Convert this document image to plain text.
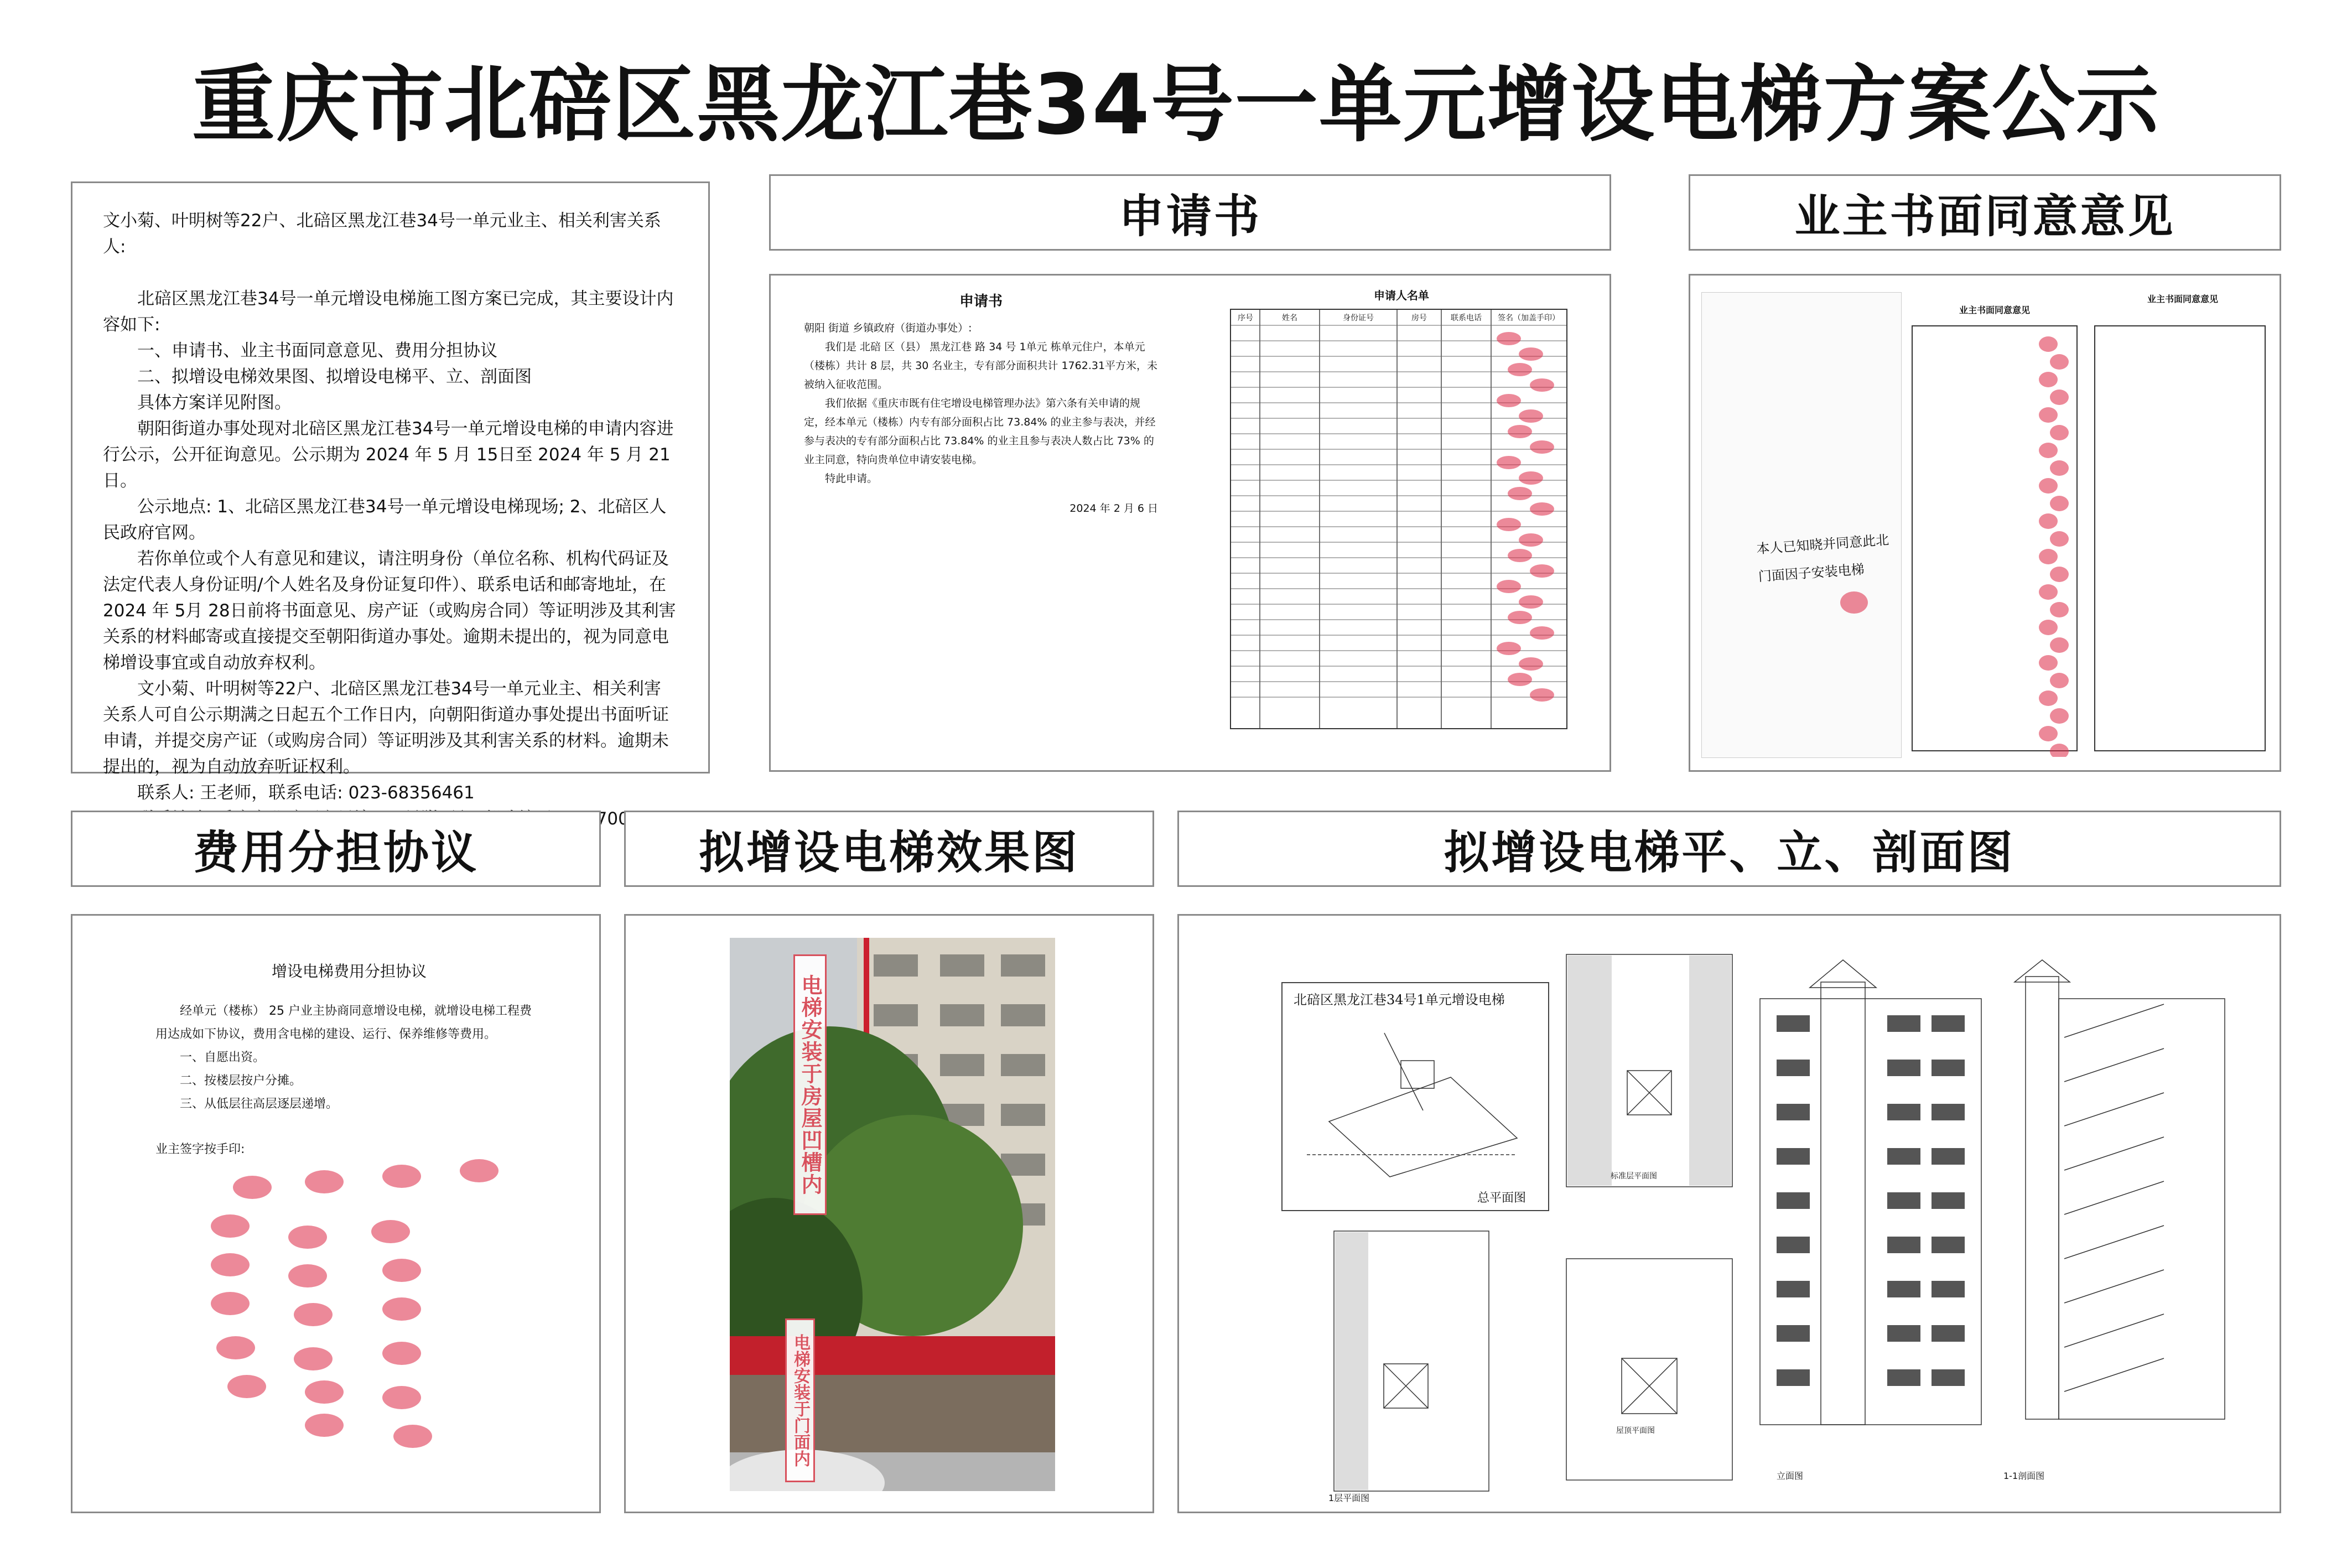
重庆市北碚区黑龙江巷34号一单元增设电梯方案公示

文小菊、叶明树等22户、北碚区黑龙江巷34号一单元业主、相关利害关系人:

北碚区黑龙江巷34号一单元增设电梯施工图方案已完成，其主要设计内容如下:

一、申请书、业主书面同意意见、费用分担协议

二、拟增设电梯效果图、拟增设电梯平、立、剖面图

具体方案详见附图。

朝阳街道办事处现对北碚区黑龙江巷34号一单元增设电梯的申请内容进行公示，公开征询意见。公示期为 2024 年 5 月 15日至 2024 年 5 月 21 日。

公示地点: 1、北碚区黑龙江巷34号一单元增设电梯现场; 2、北碚区人民政府官网。

若你单位或个人有意见和建议，请注明身份（单位名称、机构代码证及法定代表人身份证明/个人姓名及身份证复印件）、联系电话和邮寄地址，在 2024 年 5月 28日前将书面意见、房产证（或购房合同）等证明涉及其利害关系的材料邮寄或直接提交至朝阳街道办事处。逾期未提出的，视为同意电梯增设事宜或自动放弃权利。

文小菊、叶明树等22户、北碚区黑龙江巷34号一单元业主、相关利害关系人可自公示期满之日起五个工作日内，向朝阳街道办事处提出书面听证申请，并提交房产证（或购房合同）等证明涉及其利害关系的材料。逾期未提出的，视为自动放弃听证权利。

联系人: 王老师，联系电话: 023-68356461

申请书	业主书面同意意见
费用分担协议	拟增设电梯效果图	拟增设电梯平、立、剖面图
申请书
朝阳 街道 乡镇政府（街道办事处）:
我们是 北碚 区（县） 黑龙江巷 路 34 号 1单元 栋单元住户，本单元（楼栋）共计 8 层，共 30 名业主，专有部分面积共计 1762.31平方米，未被纳入征收范围。
我们依据《重庆市既有住宅增设电梯管理办法》第六条有关申请的规定，经本单元（楼栋）内专有部分面积占比 73.84% 的业主参与表决，并经参与表决的专有部分面积占比 73.84% 的业主且参与表决人数占比 73% 的业主同意，特向贵单位申请安装电梯。
特此申请。
2024 年 2 月 6 日
申请人名单
序号	姓名	身份证号	房号	联系电话	签名（加盖手印）
本人已知晓并同意此北门面因子安装电梯
业主书面同意意见
业主书面同意意见
增设电梯费用分担协议
经单元（楼栋） 25 户业主协商同意增设电梯，就增设电梯工程费用达成如下协议，费用含电梯的建设、运行、保养维修等费用。
一、自愿出资。
二、按楼层按户分摊。
三、从低层往高层逐层递增。
业主签字按手印:	电梯安装于房屋凹槽内
电梯安装于门面内
北碚区黑龙江巷34号1单元增设电梯
总平面图
标准层平面图
屋顶平面图
1层平面图
立面图	1-1剖面图
